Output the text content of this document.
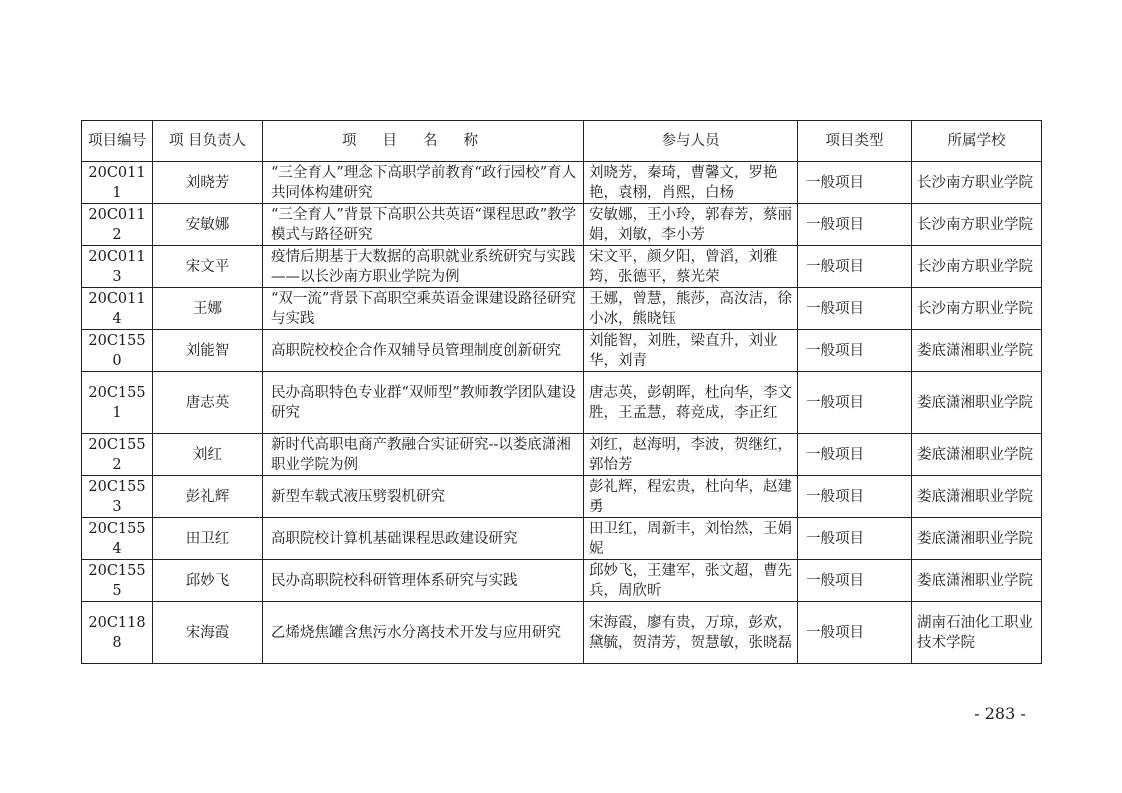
项目编号	项 目负责人	项目名称	参与人员	项目类型	所属学校
20C0111	刘晓芳	“三全育人”理念下高职学前教育“政行园校”育人共同体构建研究	刘晓芳，秦琦，曹馨文，罗艳艳，袁栩，肖熙，白杨	一般项目	长沙南方职业学院
20C0112	安敏娜	“三全育人”背景下高职公共英语“课程思政”教学模式与路径研究	安敏娜，王小玲，郭春芳，蔡丽娟，刘敏，李小芳	一般项目	长沙南方职业学院
20C0113	宋文平	疫情后期基于大数据的高职就业系统研究与实践——以长沙南方职业学院为例	宋文平，颜夕阳，曾滔，刘雅筠，张德平，蔡光荣	一般项目	长沙南方职业学院
20C0114	王娜	“双一流”背景下高职空乘英语金课建设路径研究与实践	王娜，曾慧，熊莎，高汝洁，徐小冰，熊晓钰	一般项目	长沙南方职业学院
20C1550	刘能智	高职院校校企合作双辅导员管理制度创新研究	刘能智，刘胜，梁直升，刘业华，刘青	一般项目	娄底潇湘职业学院
20C1551	唐志英	民办高职特色专业群“双师型”教师教学团队建设研究	唐志英，彭朝晖，杜向华，李文胜，王孟慧，蒋竞成，李正红	一般项目	娄底潇湘职业学院
20C1552	刘红	新时代高职电商产教融合实证研究--以娄底潇湘职业学院为例	刘红，赵海明，李波，贺继红，郭怡芳	一般项目	娄底潇湘职业学院
20C1553	彭礼辉	新型车载式液压劈裂机研究	彭礼辉，程宏贵，杜向华，赵建勇	一般项目	娄底潇湘职业学院
20C1554	田卫红	高职院校计算机基础课程思政建设研究	田卫红，周新丰，刘怡然，王娟妮	一般项目	娄底潇湘职业学院
20C1555	邱妙飞	民办高职院校科研管理体系研究与实践	邱妙飞，王建军，张文超，曹先兵，周欣昕	一般项目	娄底潇湘职业学院
20C1188	宋海霞	乙烯烧焦罐含焦污水分离技术开发与应用研究	宋海霞，廖有贵，万琼，彭欢，黛毓，贺清芳，贺慧敏，张晓磊	一般项目	湖南石油化工职业技术学院
- 283 -
